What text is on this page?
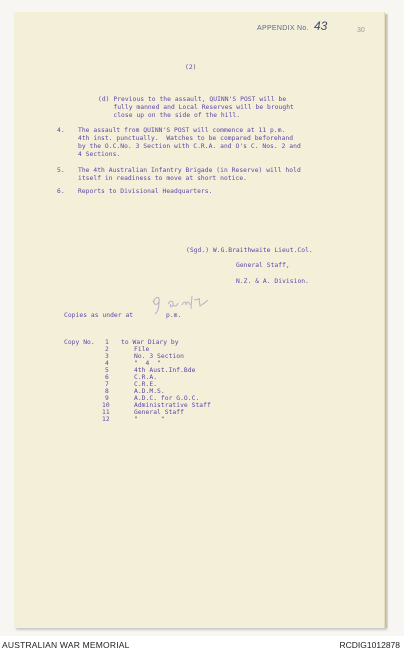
APPENDIX No. 43	30
(2)
(d) Previous to the assault, QUINN'S POST will be
fully manned and Local Reserves will be brought
close up on the side of the hill.
4. The assault from QUINN'S POST will commence at 11 p.m.
4th inst. punctually.  Watches to be compared beforehand
by the O.C.No. 3 Section with C.R.A. and O's C. Nos. 2 and
4 Sections.
5. The 4th Australian Infantry Brigade (in Reserve) will hold
itself in readiness to move at short notice.
6. Reports to Divisional Headquarters.
(Sgd.) W.G.Braithwaite Lieut.Col.
General Staff,
N.Z. & A. Division.
Copies as under at	p.m.
Copy No. 1 to War Diary by
2	File
3	No. 3 Section
4	"  4  "
5	4th Aust.Inf.Bde
6	C.R.A.
7	C.R.E.
8	A.D.M.S.
9	A.D.C. for G.O.C.
10	Administrative Staff
11	General Staff
12	"      "
AUSTRALIAN WAR MEMORIAL	RCDIG1012878
